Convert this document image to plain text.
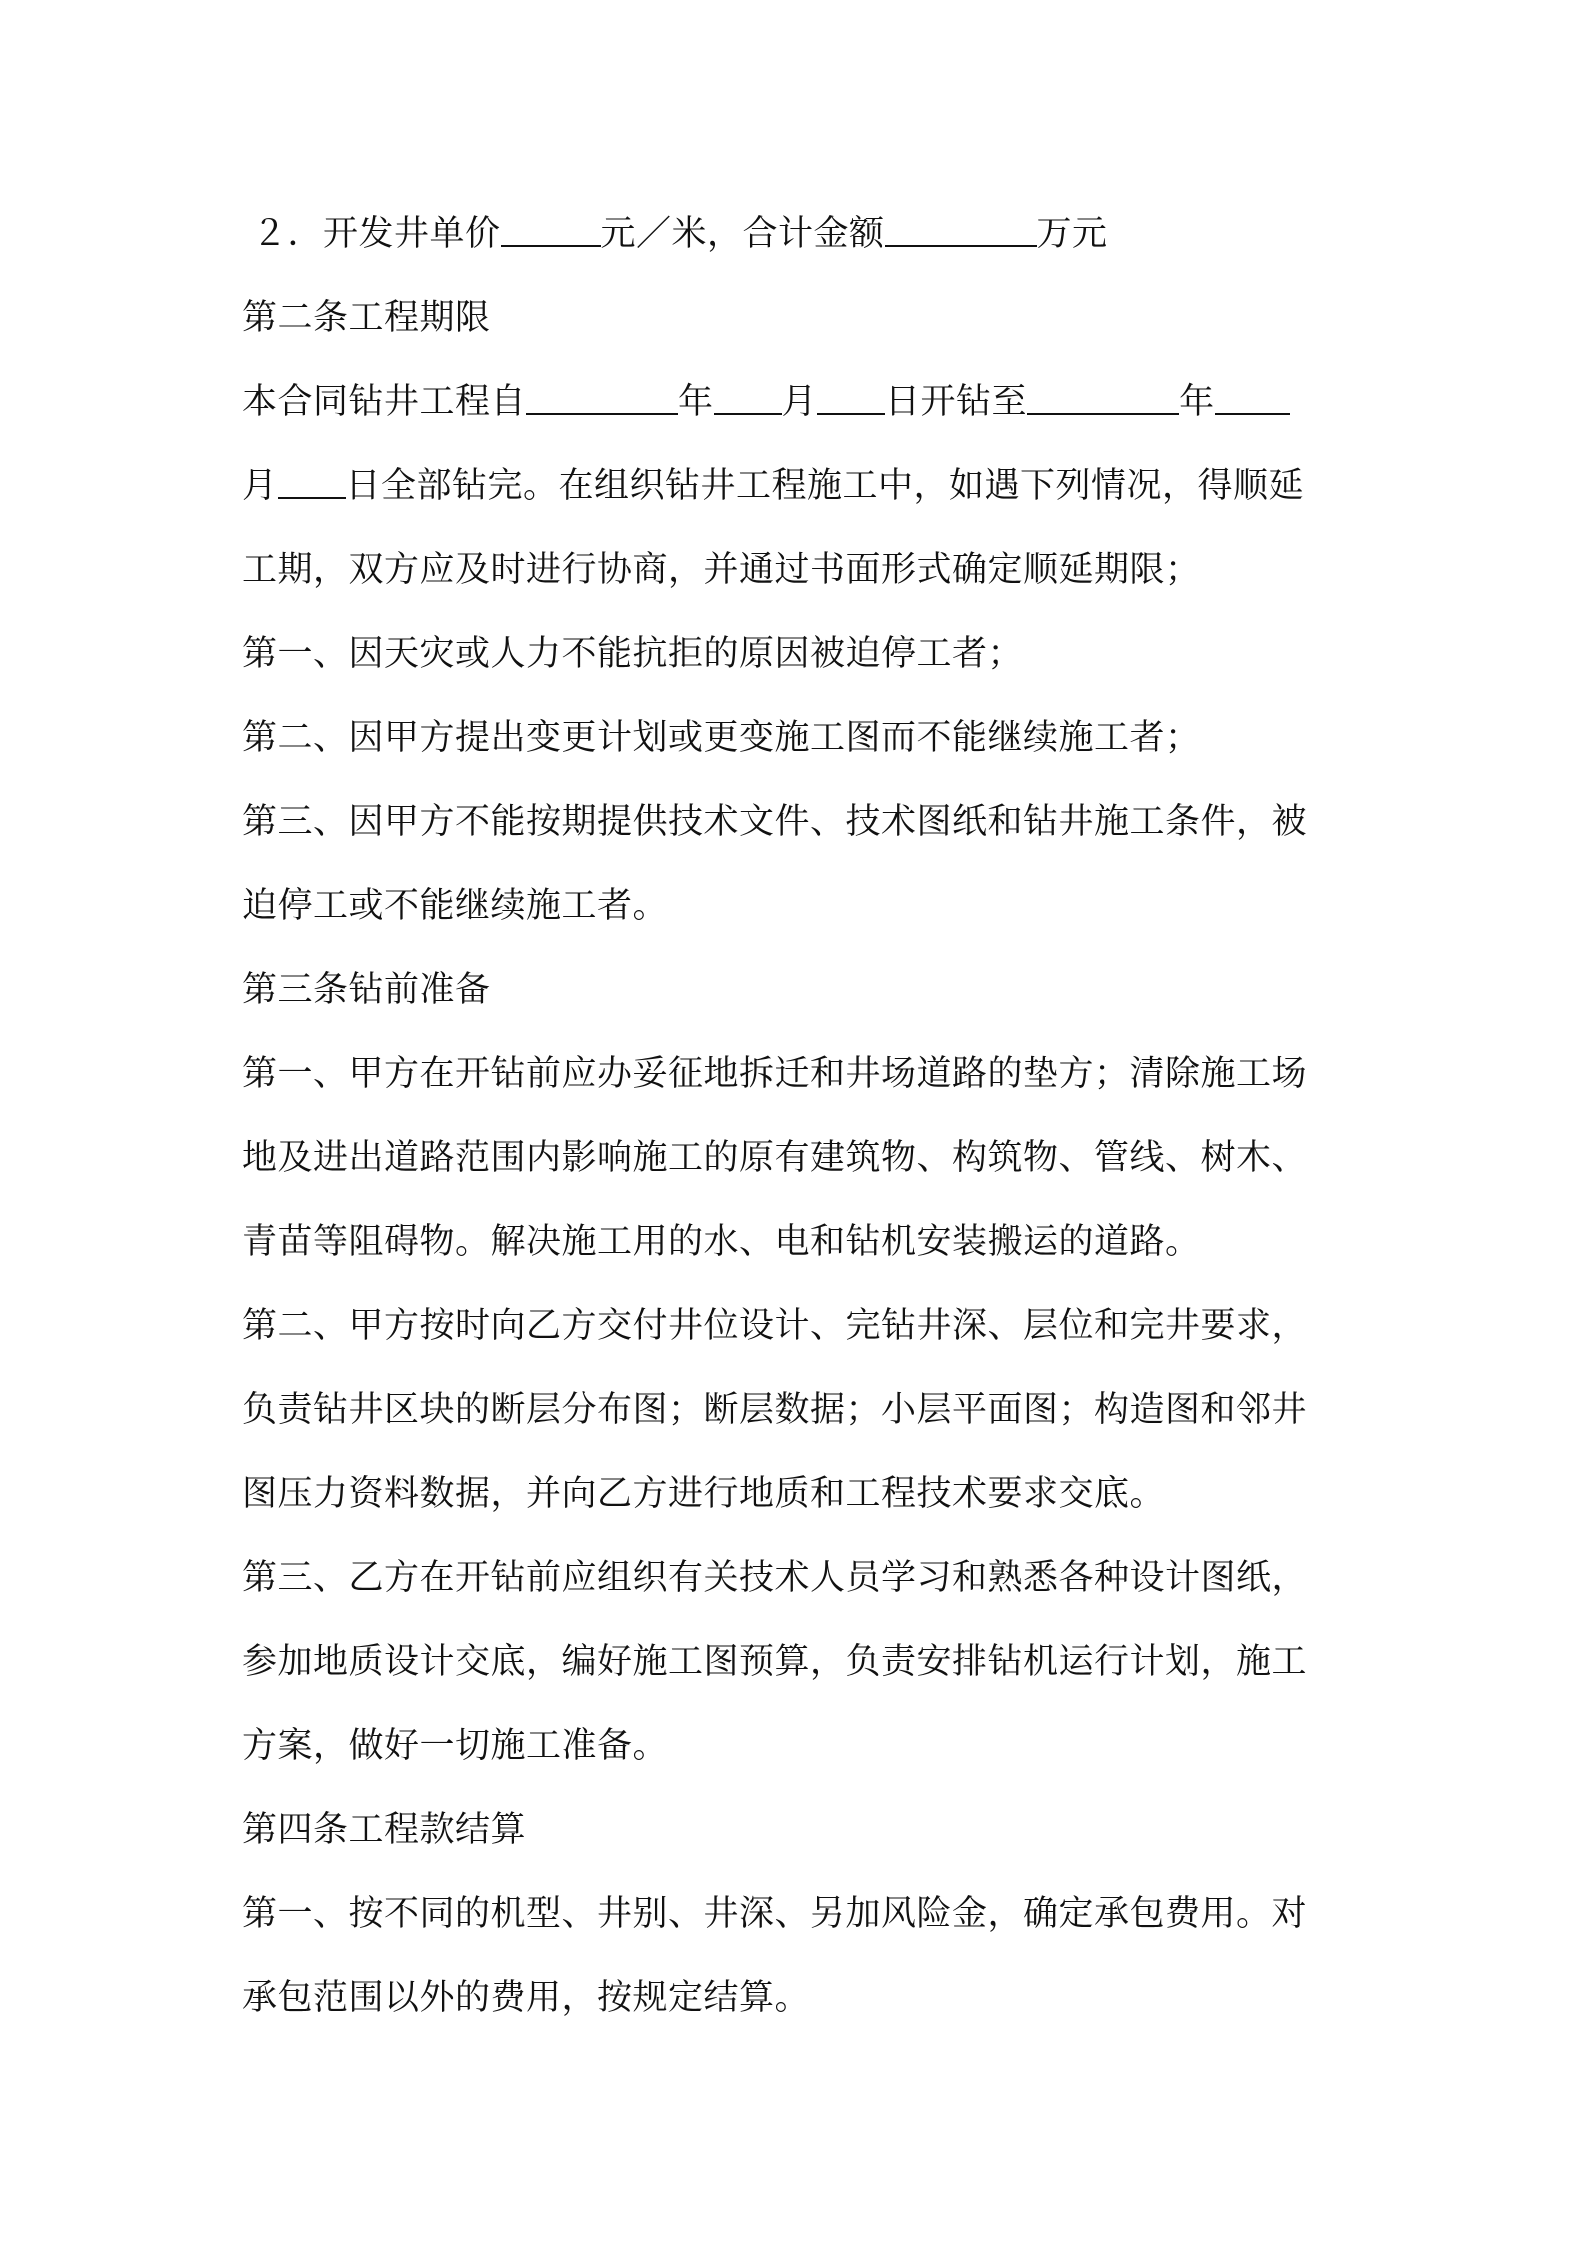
２．开发井单价	元／米，合计金额	万元
第二条工程期限
本合同钻井工程自	年 月 日开钻至	年
月 日全部钻完。在组织钻井工程施工中，如遇下列情况，得顺延
工期，双方应及时进行协商，并通过书面形式确定顺延期限；
第一、因天灾或人力不能抗拒的原因被迫停工者；
第二、因甲方提出变更计划或更变施工图而不能继续施工者；
第三、因甲方不能按期提供技术文件、技术图纸和钻井施工条件，被
迫停工或不能继续施工者。
第三条钻前准备
第一、甲方在开钻前应办妥征地拆迁和井场道路的垫方；清除施工场
地及进出道路范围内影响施工的原有建筑物、构筑物、管线、树木、
青苗等阻碍物。解决施工用的水、电和钻机安装搬运的道路。
第二、甲方按时向乙方交付井位设计、完钻井深、层位和完井要求，
负责钻井区块的断层分布图；断层数据；小层平面图；构造图和邻井
图压力资料数据，并向乙方进行地质和工程技术要求交底。
第三、乙方在开钻前应组织有关技术人员学习和熟悉各种设计图纸，
参加地质设计交底，编好施工图预算，负责安排钻机运行计划，施工
方案，做好一切施工准备。
第四条工程款结算
第一、按不同的机型、井别、井深、另加风险金，确定承包费用。对
承包范围以外的费用，按规定结算。
